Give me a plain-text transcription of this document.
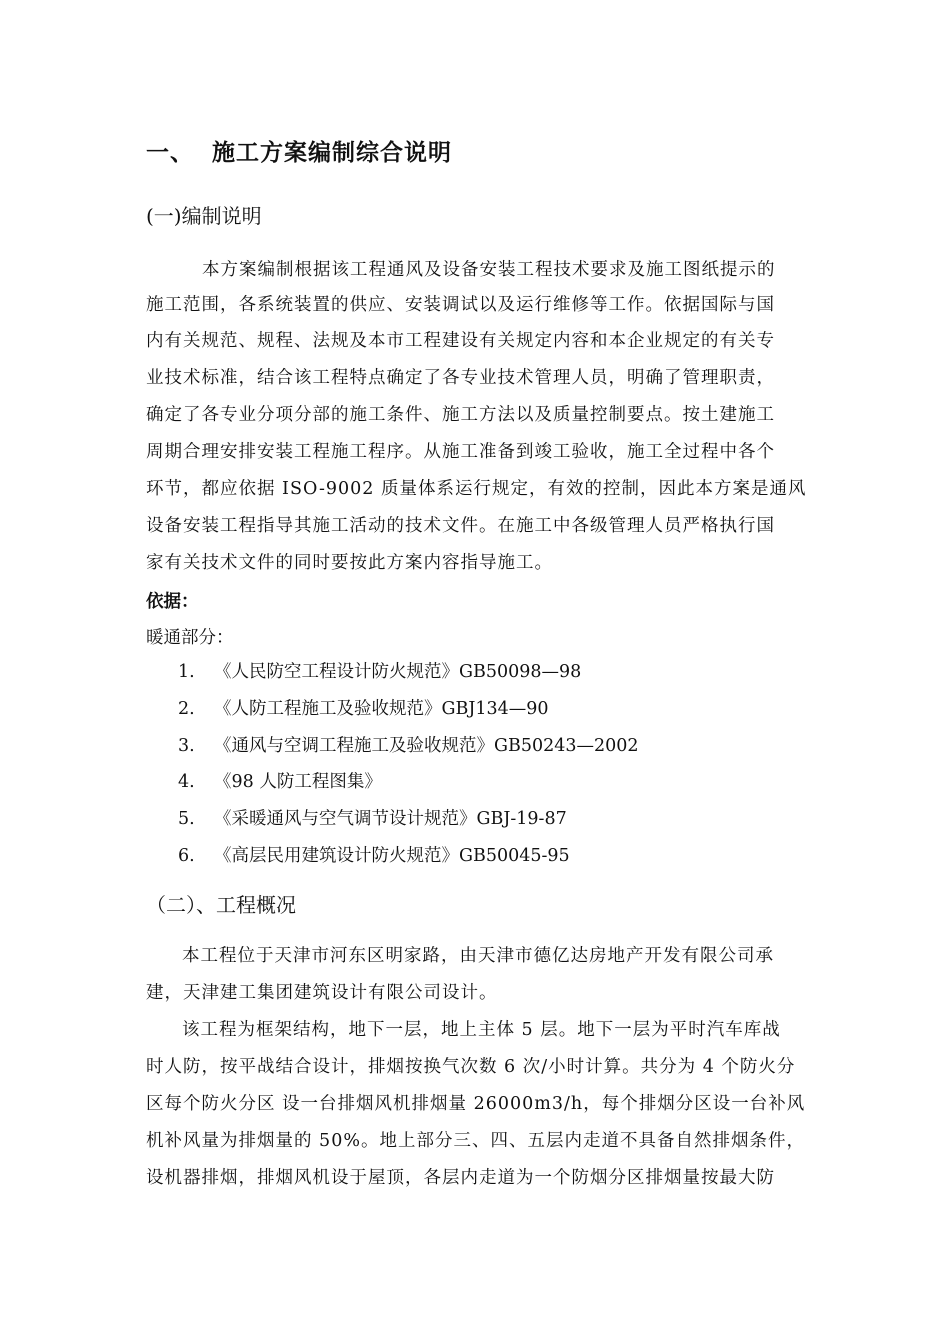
一、 施工方案编制综合说明
(一)编制说明
本方案编制根据该工程通风及设备安装工程技术要求及施工图纸提示的
施工范围，各系统装置的供应、安装调试以及运行维修等工作。依据国际与国
内有关规范、规程、法规及本市工程建设有关规定内容和本企业规定的有关专
业技术标准，结合该工程特点确定了各专业技术管理人员，明确了管理职责，
确定了各专业分项分部的施工条件、施工方法以及质量控制要点。按土建施工
周期合理安排安装工程施工程序。从施工准备到竣工验收，施工全过程中各个
环节，都应依据 ISO-9002 质量体系运行规定，有效的控制，因此本方案是通风
设备安装工程指导其施工活动的技术文件。在施工中各级管理人员严格执行国
家有关技术文件的同时要按此方案内容指导施工。
依据：
暖通部分：
1. 《人民防空工程设计防火规范》GB50098—98
2. 《人防工程施工及验收规范》GBJ134—90
3. 《通风与空调工程施工及验收规范》GB50243—2002
4. 《98 人防工程图集》
5. 《采暖通风与空气调节设计规范》GBJ-19-87
6. 《高层民用建筑设计防火规范》GB50045-95
（二）、工程概况
本工程位于天津市河东区明家路，由天津市德亿达房地产开发有限公司承
建，天津建工集团建筑设计有限公司设计。
该工程为框架结构，地下一层，地上主体 5 层。地下一层为平时汽车库战
时人防，按平战结合设计，排烟按换气次数 6 次/小时计算。共分为 4 个防火分
区每个防火分区 设一台排烟风机排烟量 26000m3/h，每个排烟分区设一台补风
机补风量为排烟量的 50%。地上部分三、四、五层内走道不具备自然排烟条件，
设机器排烟，排烟风机设于屋顶，各层内走道为一个防烟分区排烟量按最大防
